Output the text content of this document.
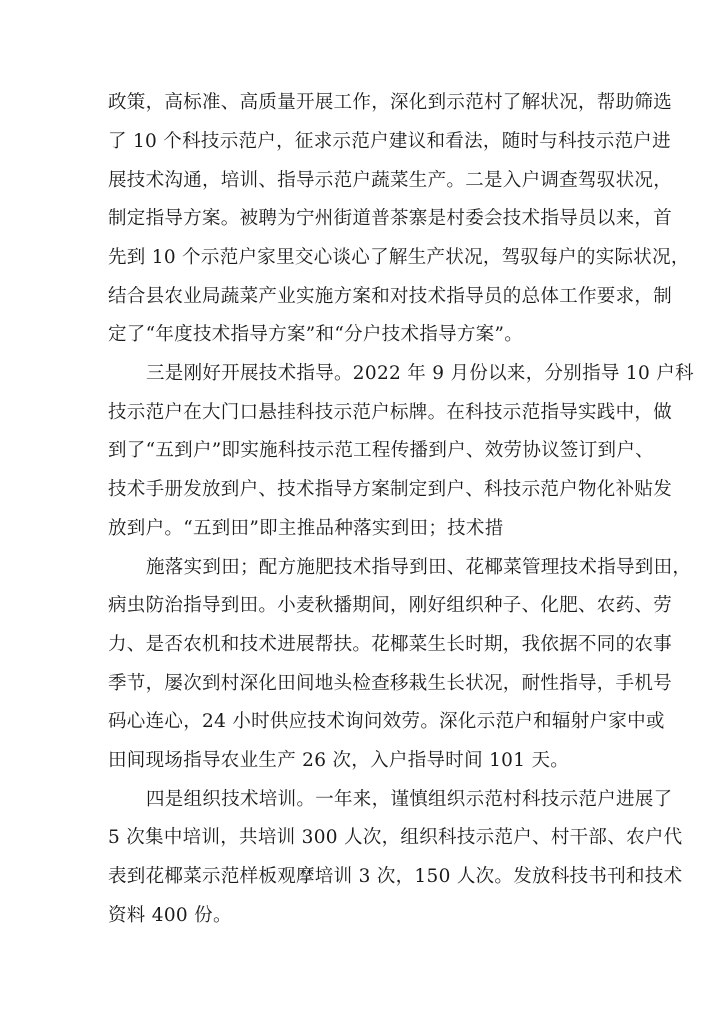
政策，高标准、高质量开展工作，深化到示范村了解状况，帮助筛选
了 10 个科技示范户，征求示范户建议和看法，随时与科技示范户进
展技术沟通，培训、指导示范户蔬菜生产。二是入户调查驾驭状况，
制定指导方案。被聘为宁州街道普茶寨是村委会技术指导员以来，首
先到 10 个示范户家里交心谈心了解生产状况，驾驭每户的实际状况，
结合县农业局蔬菜产业实施方案和对技术指导员的总体工作要求，制
定了“年度技术指导方案”和“分户技术指导方案”。
三是刚好开展技术指导。2022 年 9 月份以来，分别指导 10 户科
技示范户在大门口悬挂科技示范户标牌。在科技示范指导实践中，做
到了“五到户”即实施科技示范工程传播到户、效劳协议签订到户、
技术手册发放到户、技术指导方案制定到户、科技示范户物化补贴发
放到户。“五到田”即主推品种落实到田；技术措
施落实到田；配方施肥技术指导到田、花椰菜管理技术指导到田，
病虫防治指导到田。小麦秋播期间，刚好组织种子、化肥、农药、劳
力、是否农机和技术进展帮扶。花椰菜生长时期，我依据不同的农事
季节，屡次到村深化田间地头检查移栽生长状况，耐性指导，手机号
码心连心，24 小时供应技术询问效劳。深化示范户和辐射户家中或
田间现场指导农业生产 26 次，入户指导时间 101 天。
四是组织技术培训。一年来，谨慎组织示范村科技示范户进展了
5 次集中培训，共培训 300 人次，组织科技示范户、村干部、农户代
表到花椰菜示范样板观摩培训 3 次，150 人次。发放科技书刊和技术
资料 400 份。
